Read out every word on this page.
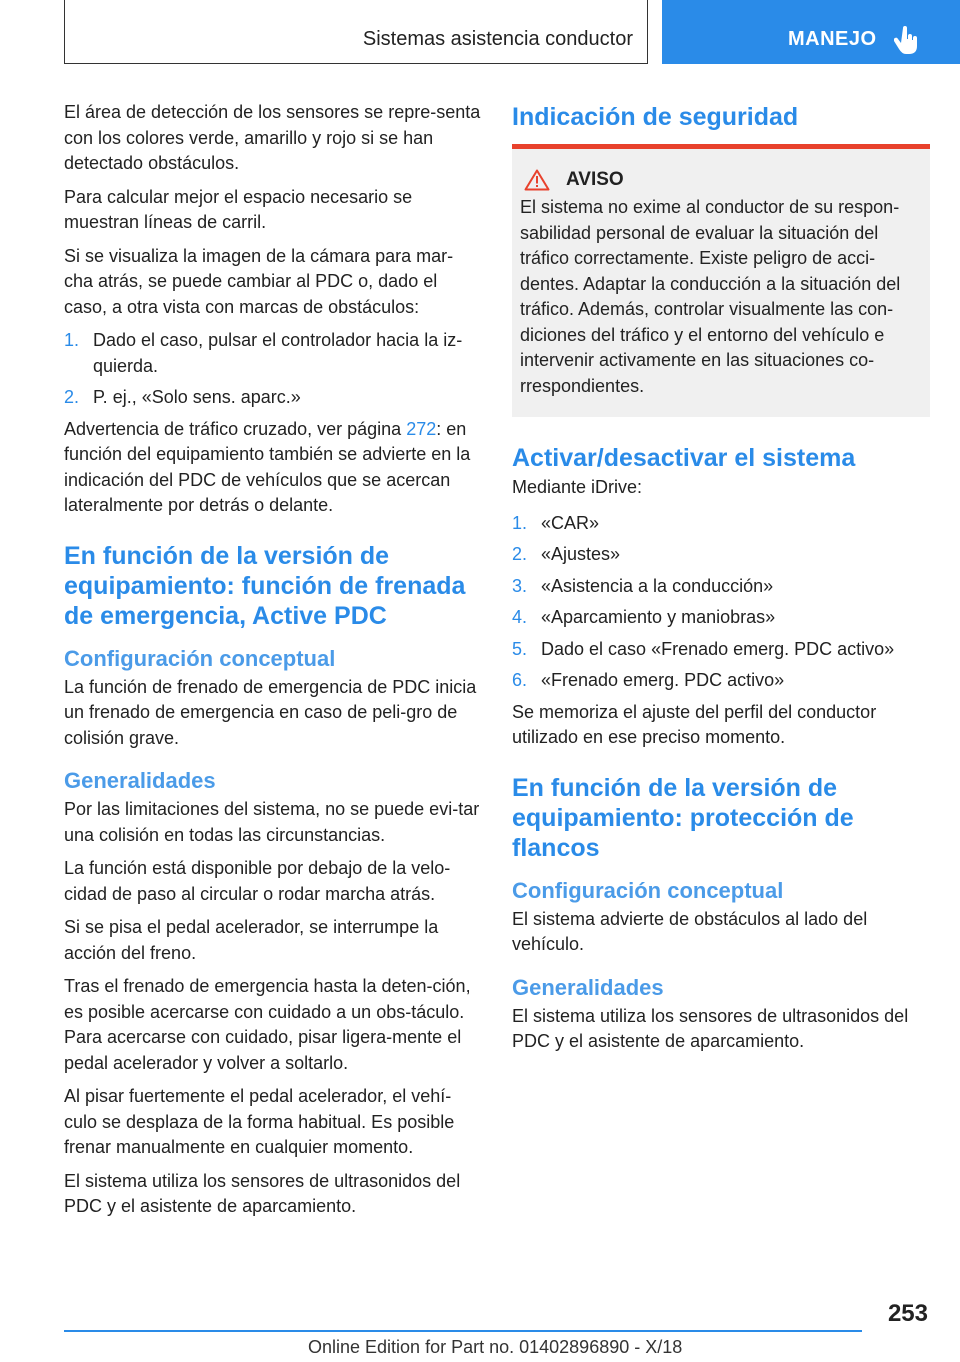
Sistemas asistencia conductor	MANEJO

El área de detección de los sensores se repre‐senta con los colores verde, amarillo y rojo si se han detectado obstáculos.

Para calcular mejor el espacio necesario se muestran líneas de carril.

Si se visualiza la imagen de la cámara para mar‐cha atrás, se puede cambiar al PDC o, dado el caso, a otra vista con marcas de obstáculos:

1. Dado el caso, pulsar el controlador hacia la iz‐quierda.
2. P. ej., «Solo sens. aparc.»

Advertencia de tráfico cruzado, ver página 272: en función del equipamiento también se advierte en la indicación del PDC de vehículos que se acercan lateralmente por detrás o delante.

En función de la versión de equipamiento: función de frenada de emergencia, Active PDC
Configuración conceptual

La función de frenado de emergencia de PDC inicia un frenado de emergencia en caso de peli‐gro de colisión grave.

Generalidades

Por las limitaciones del sistema, no se puede evi‐tar una colisión en todas las circunstancias.

La función está disponible por debajo de la velo‐cidad de paso al circular o rodar marcha atrás.

Si se pisa el pedal acelerador, se interrumpe la acción del freno.

Tras el frenado de emergencia hasta la deten‐ción, es posible acercarse con cuidado a un obs‐táculo. Para acercarse con cuidado, pisar ligera‐mente el pedal acelerador y volver a soltarlo.

Al pisar fuertemente el pedal acelerador, el vehí‐culo se desplaza de la forma habitual. Es posible frenar manualmente en cualquier momento.

El sistema utiliza los sensores de ultrasonidos del PDC y el asistente de aparcamiento.

Indicación de seguridad
AVISO

El sistema no exime al conductor de su respon‐sabilidad personal de evaluar la situación del tráfico correctamente. Existe peligro de acci‐dentes. Adaptar la conducción a la situación del tráfico. Además, controlar visualmente las con‐diciones del tráfico y el entorno del vehículo e intervenir activamente en las situaciones co‐rrespondientes.

Activar/desactivar el sistema

Mediante iDrive:

1. «CAR»
2. «Ajustes»
3. «Asistencia a la conducción»
4. «Aparcamiento y maniobras»
5. Dado el caso «Frenado emerg. PDC activo»
6. «Frenado emerg. PDC activo»

Se memoriza el ajuste del perfil del conductor utilizado en ese preciso momento.

En función de la versión de equipamiento: protección de flancos
Configuración conceptual

El sistema advierte de obstáculos al lado del vehículo.

Generalidades

El sistema utiliza los sensores de ultrasonidos del PDC y el asistente de aparcamiento.

253
Online Edition for Part no. 01402896890 - X/18
